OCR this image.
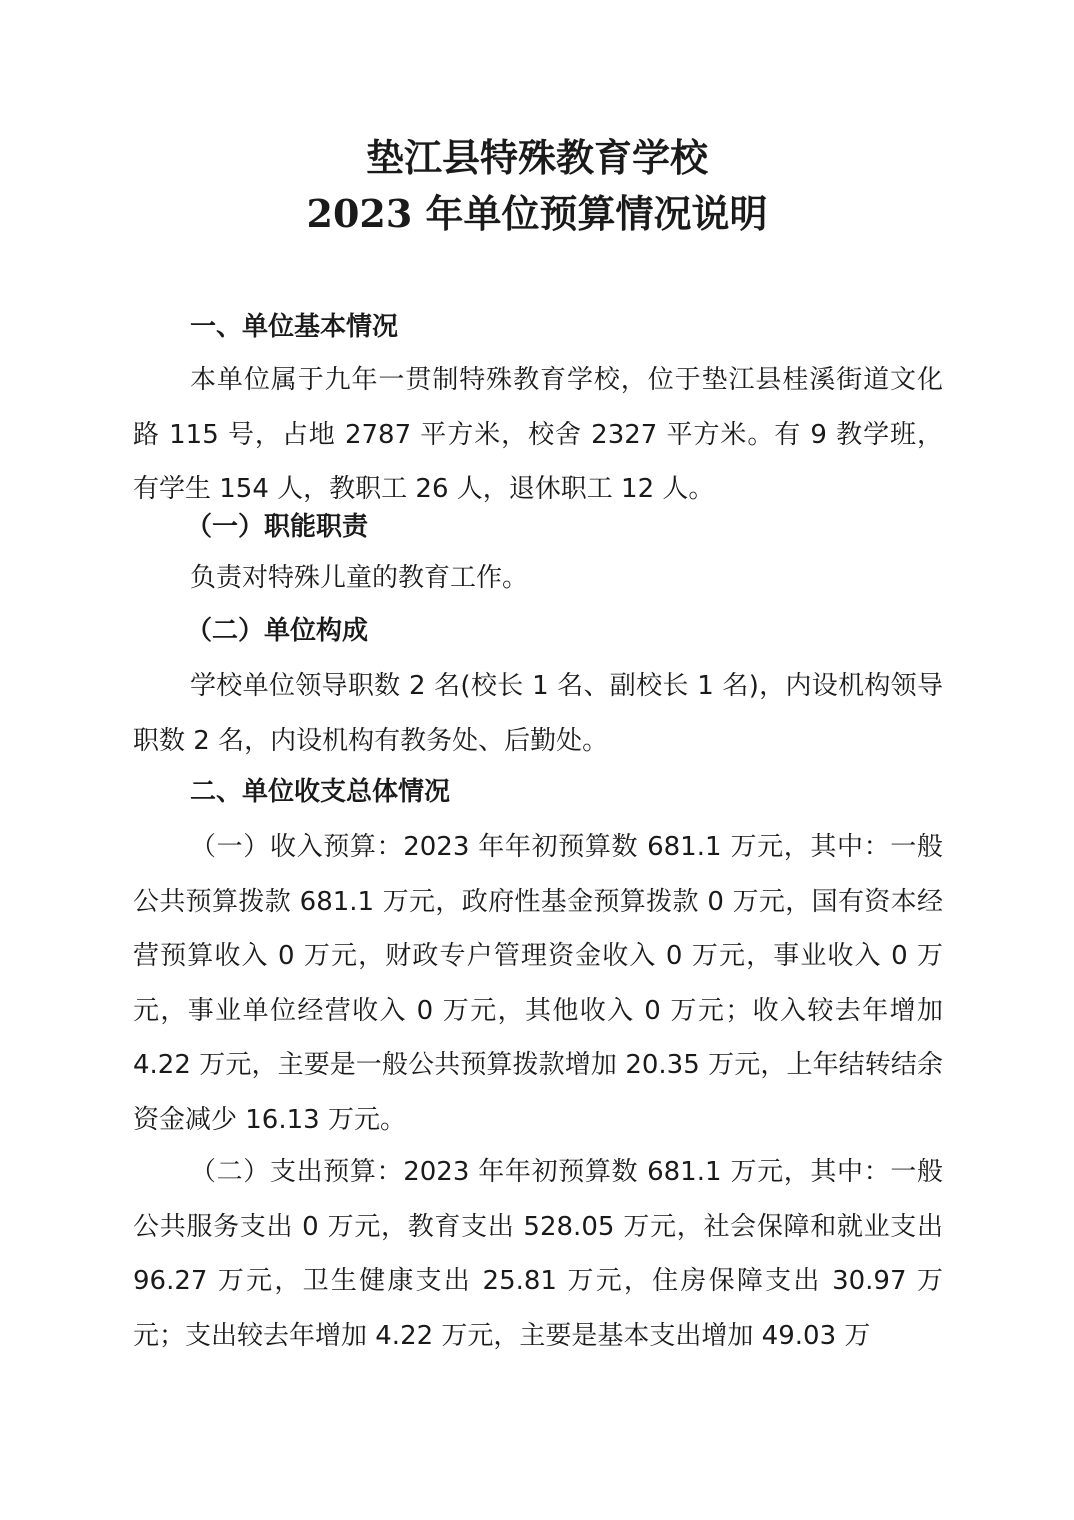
垫江县特殊教育学校
2023 年单位预算情况说明
一、单位基本情况

本单位属于九年一贯制特殊教育学校，位于垫江县桂溪街道文化路 115 号，占地 2787 平方米，校舍 2327 平方米。有 9 教学班，有学生 154 人，教职工 26 人，退休职工 12 人。

（一）职能职责

负责对特殊儿童的教育工作。

（二）单位构成

学校单位领导职数 2 名(校长 1 名、副校长 1 名)，内设机构领导职数 2 名，内设机构有教务处、后勤处。

二、单位收支总体情况

（一）收入预算：2023 年年初预算数 681.1 万元，其中：一般公共预算拨款 681.1 万元，政府性基金预算拨款 0 万元，国有资本经营预算收入 0 万元，财政专户管理资金收入 0 万元，事业收入 0 万元，事业单位经营收入 0 万元，其他收入 0 万元；收入较去年增加 4.22 万元，主要是一般公共预算拨款增加 20.35 万元，上年结转结余资金减少 16.13 万元。

（二）支出预算：2023 年年初预算数 681.1 万元，其中：一般公共服务支出 0 万元，教育支出 528.05 万元，社会保障和就业支出 96.27 万元，卫生健康支出 25.81 万元，住房保障支出 30.97 万元；支出较去年增加 4.22 万元，主要是基本支出增加 49.03 万
